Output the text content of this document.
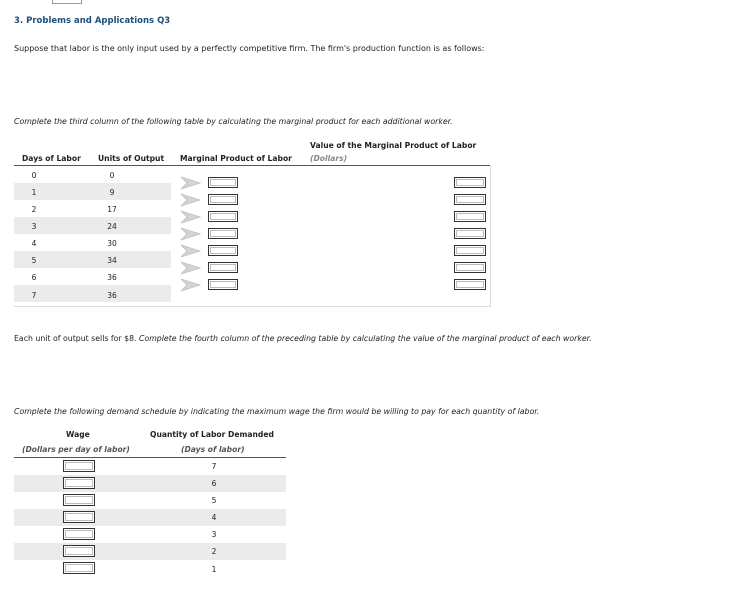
3. Problems and Applications Q3
Suppose that labor is the only input used by a perfectly competitive firm. The firm's production function is as follows:
Complete the third column of the following table by calculating the marginal product for each additional worker.
Days of Labor Units of Output Marginal Product of Labor
Value of the Marginal Product of Labor
(Dollars)
0
1
2
3
4
5
6
7
0
9
17
24
30
34
36
36
Each unit of output sells for $8. Complete the fourth column of the preceding table by calculating the value of the marginal product of each worker.
Complete the following demand schedule by indicating the maximum wage the firm would be willing to pay for each quantity of labor.
Wage
(Dollars per day of labor)
Quantity of Labor Demanded
(Days of labor)
7
6
5
4
3
2
1
